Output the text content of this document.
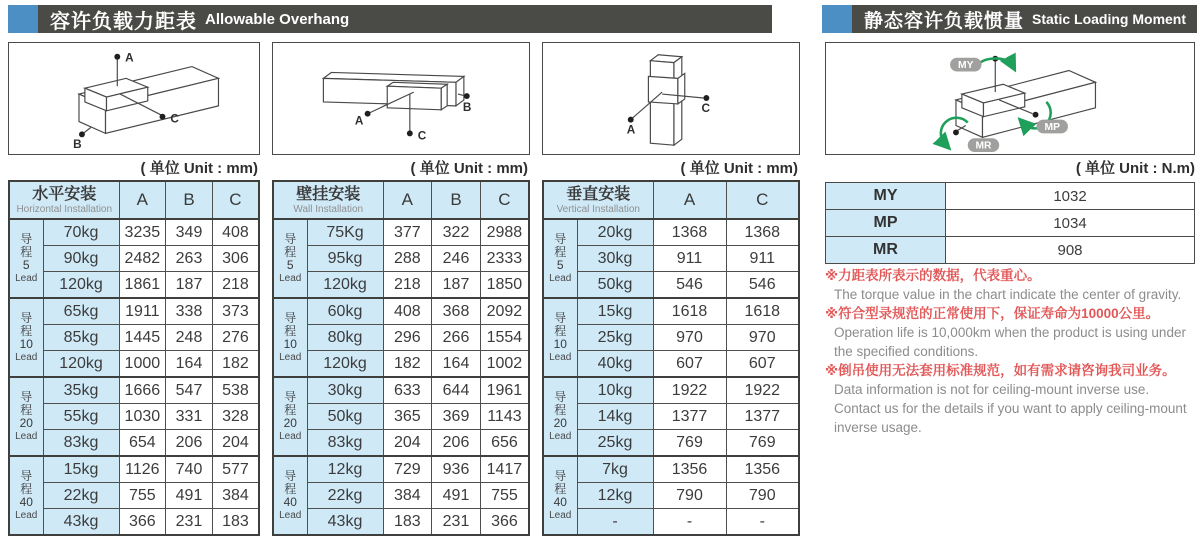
容许负载力距表 Allowable Overhang	静态容许负载惯量 Static Loading Moment
A
C
B
A
C
B
A
C
MY
MP
MR
( 单位 Unit : mm)	( 单位 Unit : mm)	( 单位 Unit : mm)	( 单位 Unit : N.m)
水平安装
Horizontal Installation		A	B	C

导
程
5
Lead	70kg	3235	349	408
	90kg	2482	263	306
	120kg	1861	187	218

导
程
10
Lead	65kg	1911	338	373
	85kg	1445	248	276
	120kg	1000	164	182

导
程
20
Lead	35kg	1666	547	538
	55kg	1030	331	328
	83kg	654	206	204

导
程
40
Lead	15kg	1126	740	577
	22kg	755	491	384
	43kg	366	231	183
壁挂安装
Wall Installation		A	B	C

导
程
5
Lead	75Kg	377	322	2988
	95kg	288	246	2333
	120kg	218	187	1850

导
程
10
Lead	60kg	408	368	2092
	80kg	296	266	1554
	120kg	182	164	1002

导
程
20
Lead	30kg	633	644	1961
	50kg	365	369	1143
	83kg	204	206	656

导
程
40
Lead	12kg	729	936	1417
	22kg	384	491	755
	43kg	183	231	366
垂直安装
Vertical Installation		A	C

导
程
5
Lead	20kg	1368	1368
	30kg	911	911
	50kg	546	546

导
程
10
Lead	15kg	1618	1618
	25kg	970	970
	40kg	607	607

导
程
20
Lead	10kg	1922	1922
	14kg	1377	1377
	25kg	769	769

导
程
40
Lead	7kg	1356	1356
	12kg	790	790
	-	-	-
MY	1032
MP	1034
MR	908
※力距表所表示的数据，代表重心。
The torque value in the chart indicate the center of gravity.
※符合型录规范的正常使用下，保证寿命为10000公里。
Operation life is 10,000km when the product is using under the specified conditions.
※倒吊使用无法套用标准规范，如有需求请咨询我司业务。
Data information is not for ceiling-mount inverse use. Contact us for the details if you want to apply ceiling-mount inverse usage.
